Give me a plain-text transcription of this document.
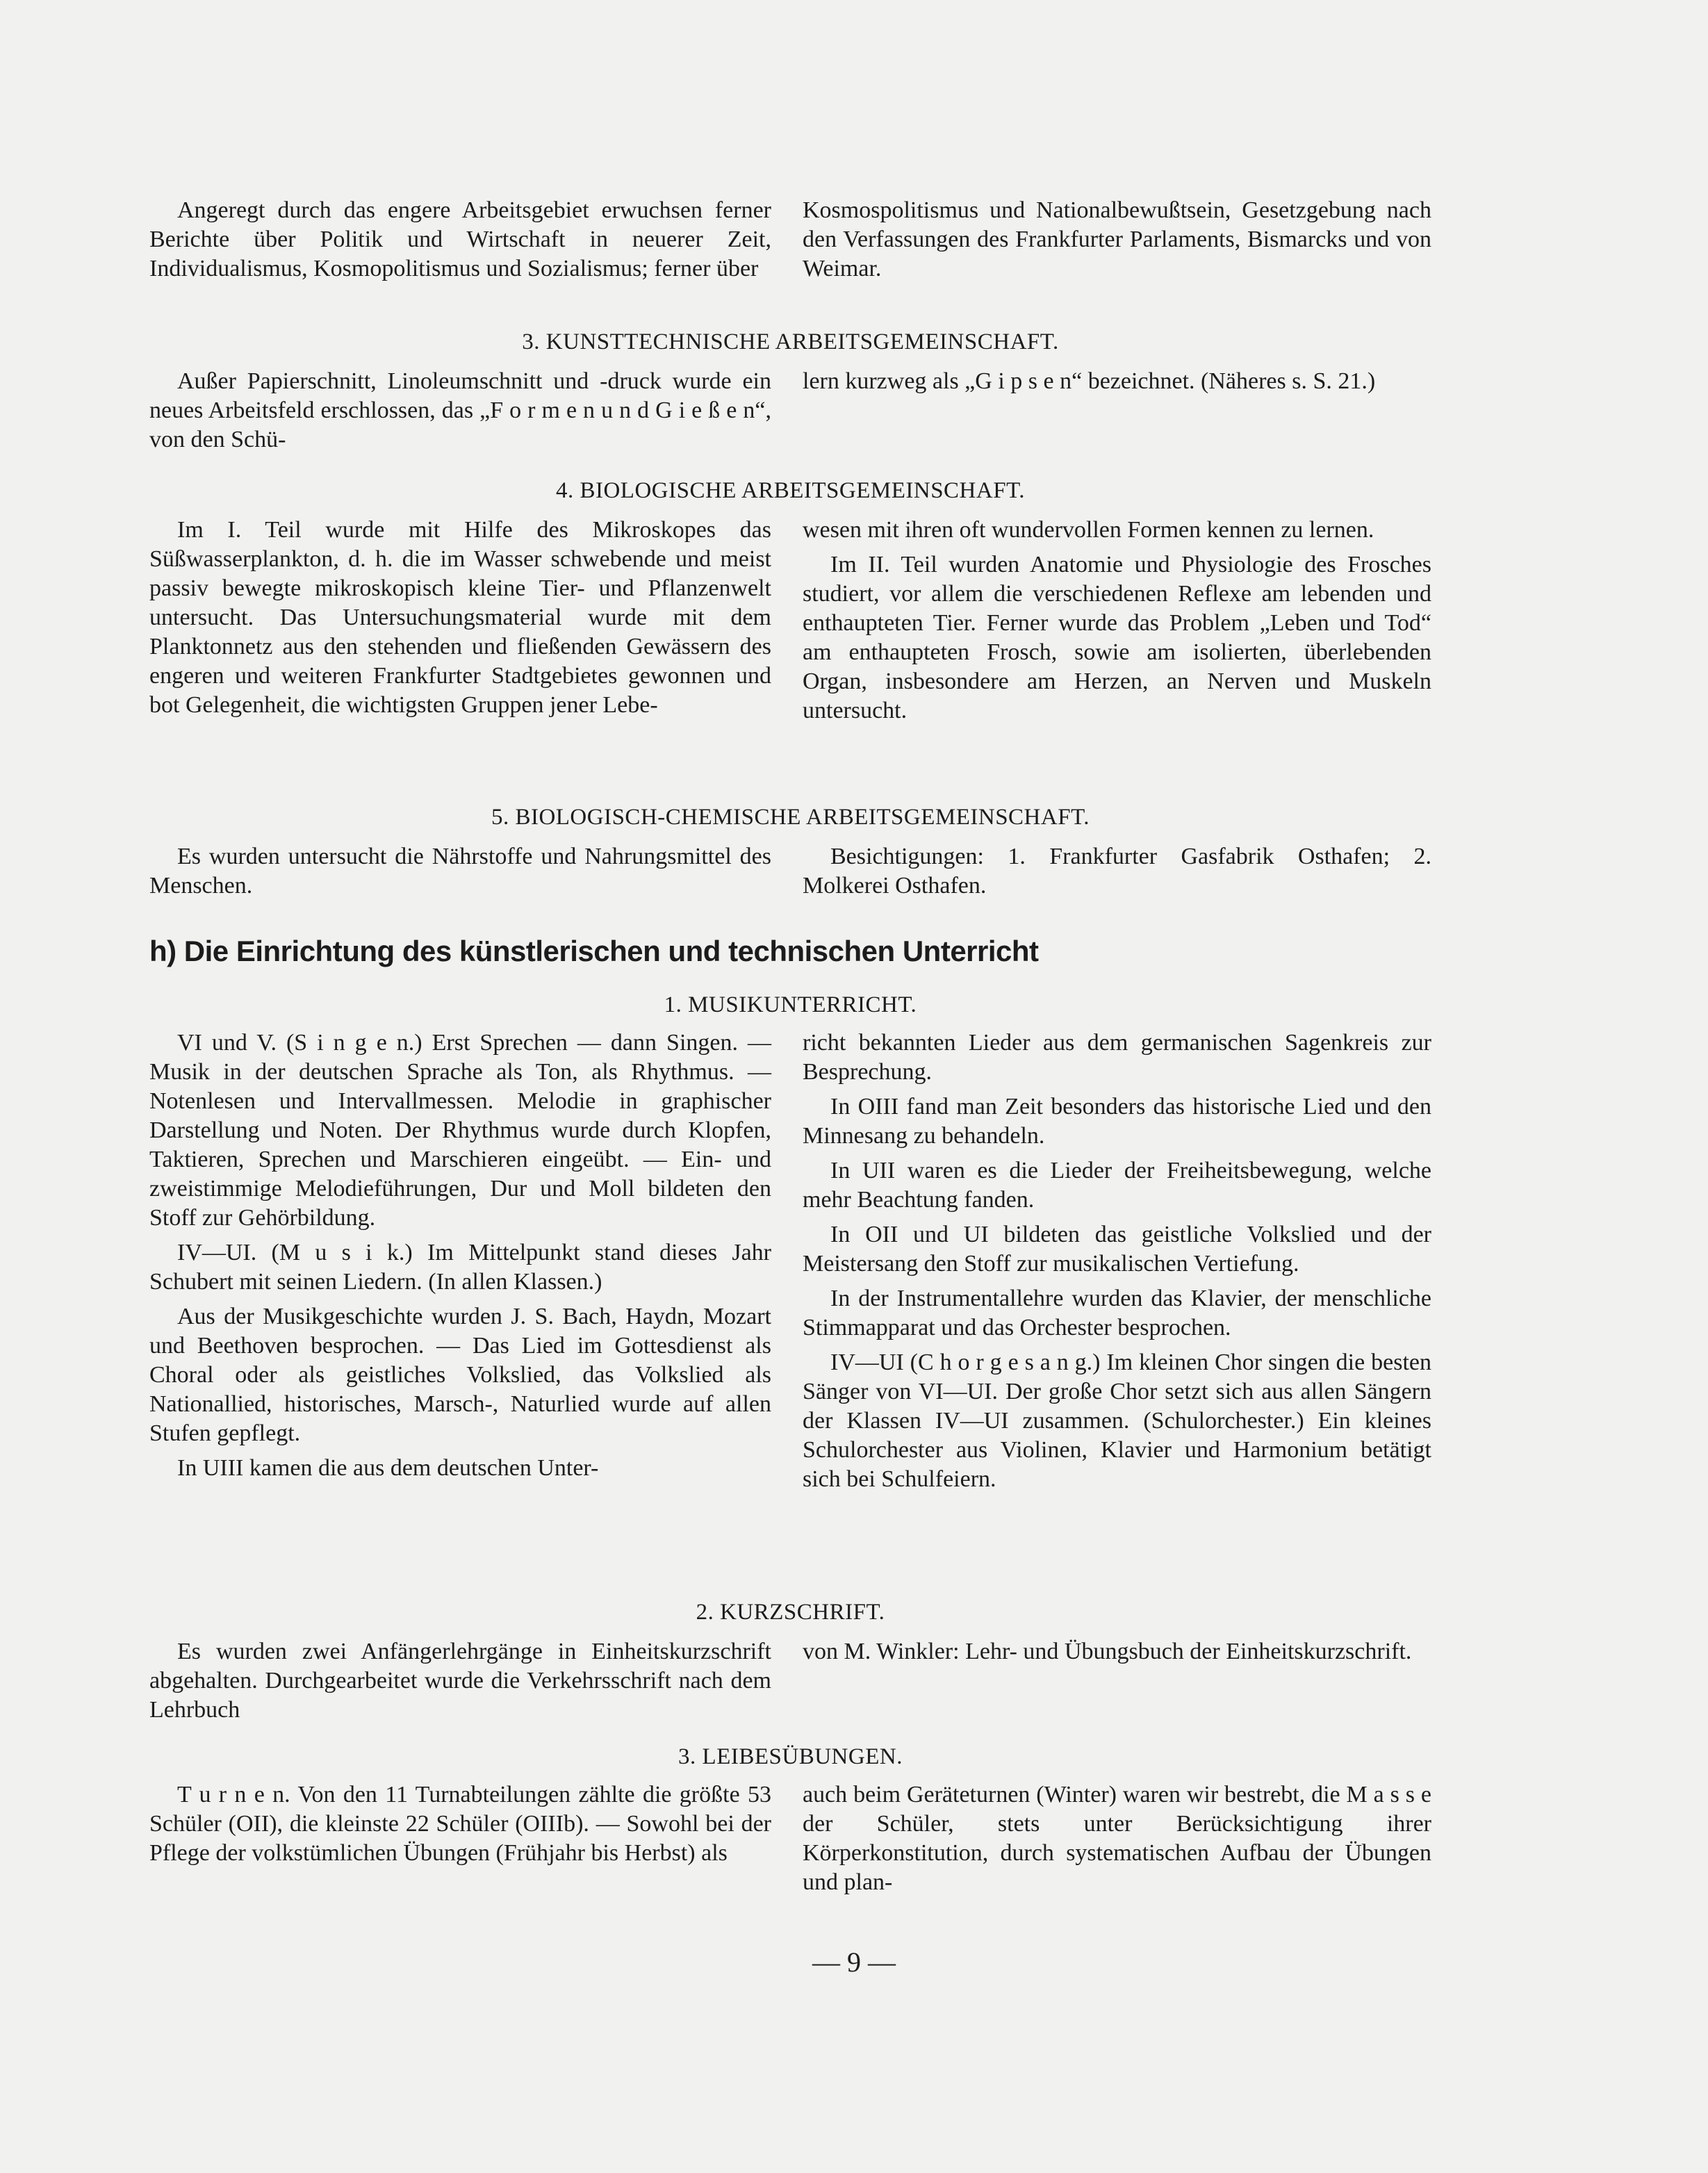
Angeregt durch das engere Arbeitsgebiet erwuchsen ferner Berichte über Politik und Wirtschaft in neuerer Zeit, Individualismus, Kosmopolitismus und Sozialismus; ferner über

Kosmospolitismus und Nationalbewußtsein, Gesetzgebung nach den Verfassungen des Frankfurter Parlaments, Bismarcks und von Weimar.

3. KUNSTTECHNISCHE ARBEITSGEMEINSCHAFT.

Außer Papierschnitt, Linoleumschnitt und -druck wurde ein neues Arbeitsfeld erschlossen, das „F o r m e n u n d G i e ß e n“, von den Schü-

lern kurzweg als „G i p s e n“ bezeichnet. (Näheres s. S. 21.)

4. BIOLOGISCHE ARBEITSGEMEINSCHAFT.

Im I. Teil wurde mit Hilfe des Mikroskopes das Süßwasserplankton, d. h. die im Wasser schwebende und meist passiv bewegte mikroskopisch kleine Tier- und Pflanzenwelt untersucht. Das Untersuchungsmaterial wurde mit dem Planktonnetz aus den stehenden und fließenden Gewässern des engeren und weiteren Frankfurter Stadtgebietes gewonnen und bot Gelegenheit, die wichtigsten Gruppen jener Lebe-

wesen mit ihren oft wundervollen Formen kennen zu lernen.

Im II. Teil wurden Anatomie und Physiologie des Frosches studiert, vor allem die verschiedenen Reflexe am lebenden und enthaupteten Tier. Ferner wurde das Problem „Leben und Tod“ am enthaupteten Frosch, sowie am isolierten, überlebenden Organ, insbesondere am Herzen, an Nerven und Muskeln untersucht.

5. BIOLOGISCH-CHEMISCHE ARBEITSGEMEINSCHAFT.

Es wurden untersucht die Nährstoffe und Nahrungsmittel des Menschen.

Besichtigungen: 1. Frankfurter Gasfabrik Osthafen; 2. Molkerei Osthafen.

h) Die Einrichtung des künstlerischen und technischen Unterricht
1. MUSIKUNTERRICHT.

VI und V. (S i n g e n.) Erst Sprechen — dann Singen. — Musik in der deutschen Sprache als Ton, als Rhythmus. — Notenlesen und Intervallmessen. Melodie in graphischer Darstellung und Noten. Der Rhythmus wurde durch Klopfen, Taktieren, Sprechen und Marschieren eingeübt. — Ein- und zweistimmige Melodieführungen, Dur und Moll bildeten den Stoff zur Gehörbildung.

IV—UI. (M u s i k.) Im Mittelpunkt stand dieses Jahr Schubert mit seinen Liedern. (In allen Klassen.)

Aus der Musikgeschichte wurden J. S. Bach, Haydn, Mozart und Beethoven besprochen. — Das Lied im Gottesdienst als Choral oder als geistliches Volkslied, das Volkslied als Nationallied, historisches, Marsch-, Naturlied wurde auf allen Stufen gepflegt.

In UIII kamen die aus dem deutschen Unter-

richt bekannten Lieder aus dem germanischen Sagenkreis zur Besprechung.

In OIII fand man Zeit besonders das historische Lied und den Minnesang zu behandeln.

In UII waren es die Lieder der Freiheitsbewegung, welche mehr Beachtung fanden.

In OII und UI bildeten das geistliche Volkslied und der Meistersang den Stoff zur musikalischen Vertiefung.

In der Instrumentallehre wurden das Klavier, der menschliche Stimmapparat und das Orchester besprochen.

IV—UI (C h o r g e s a n g.) Im kleinen Chor singen die besten Sänger von VI—UI. Der große Chor setzt sich aus allen Sängern der Klassen IV—UI zusammen. (Schulorchester.) Ein kleines Schulorchester aus Violinen, Klavier und Harmonium betätigt sich bei Schulfeiern.

2. KURZSCHRIFT.

Es wurden zwei Anfängerlehrgänge in Einheitskurzschrift abgehalten. Durchgearbeitet wurde die Verkehrsschrift nach dem Lehrbuch

von M. Winkler: Lehr- und Übungsbuch der Einheitskurzschrift.

3. LEIBESÜBUNGEN.

T u r n e n. Von den 11 Turnabteilungen zählte die größte 53 Schüler (OII), die kleinste 22 Schüler (OIIIb). — Sowohl bei der Pflege der volkstümlichen Übungen (Frühjahr bis Herbst) als

auch beim Geräteturnen (Winter) waren wir bestrebt, die M a s s e der Schüler, stets unter Berücksichtigung ihrer Körperkonstitution, durch systematischen Aufbau der Übungen und plan-

— 9 —
